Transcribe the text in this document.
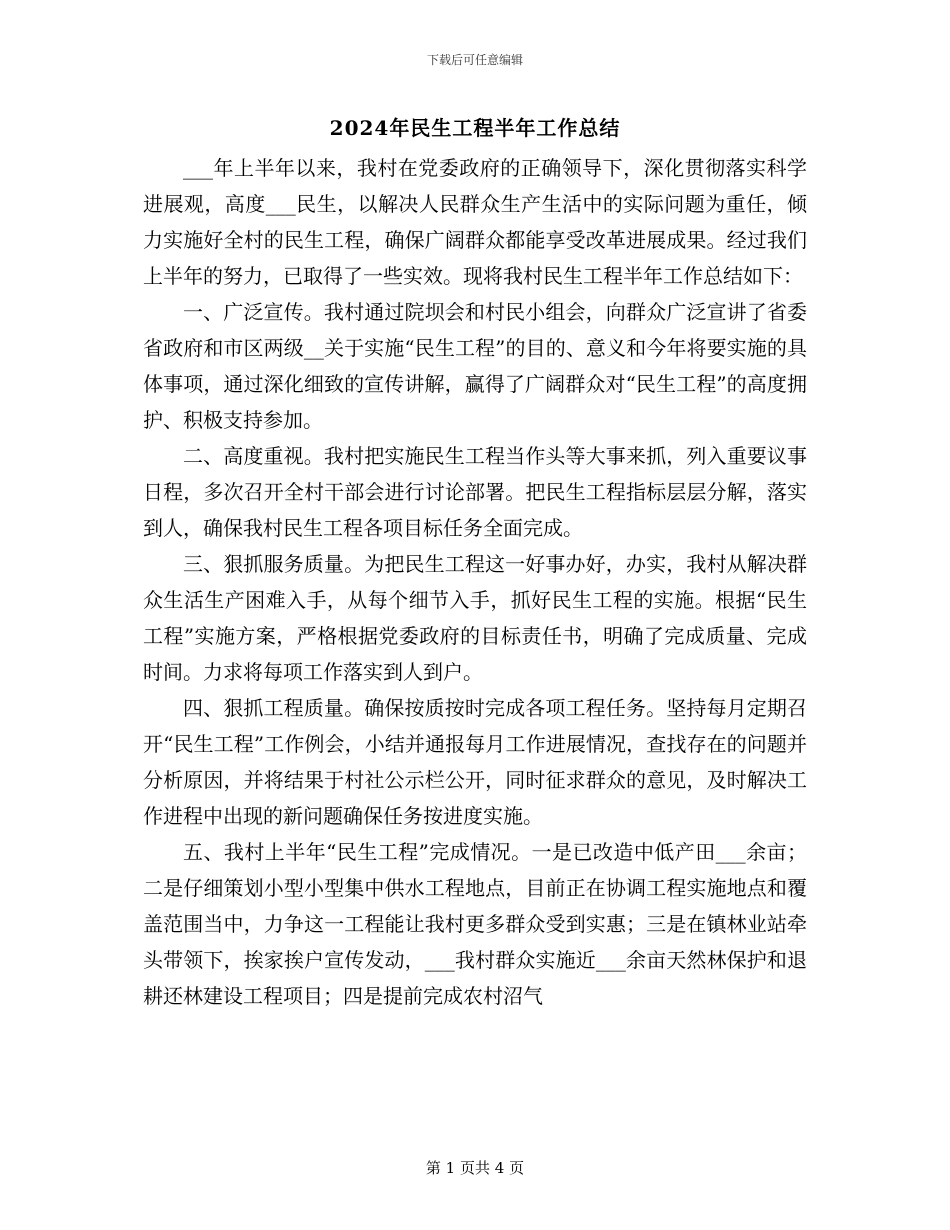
下载后可任意编辑
2024年民生工程半年工作总结

___年上半年以来，我村在党委政府的正确领导下，深化贯彻落实科学进展观，高度___民生，以解决人民群众生产生活中的实际问题为重任，倾力实施好全村的民生工程，确保广阔群众都能享受改革进展成果。经过我们上半年的努力，已取得了一些实效。现将我村民生工程半年工作总结如下：

一、广泛宣传。我村通过院坝会和村民小组会，向群众广泛宣讲了省委省政府和市区两级__关于实施“民生工程”的目的、意义和今年将要实施的具体事项，通过深化细致的宣传讲解，赢得了广阔群众对“民生工程”的高度拥护、积极支持参加。

二、高度重视。我村把实施民生工程当作头等大事来抓，列入重要议事日程，多次召开全村干部会进行讨论部署。把民生工程指标层层分解，落实到人，确保我村民生工程各项目标任务全面完成。

三、狠抓服务质量。为把民生工程这一好事办好，办实，我村从解决群众生活生产困难入手，从每个细节入手，抓好民生工程的实施。根据“民生工程”实施方案，严格根据党委政府的目标责任书，明确了完成质量、完成时间。力求将每项工作落实到人到户。

四、狠抓工程质量。确保按质按时完成各项工程任务。坚持每月定期召开“民生工程”工作例会，小结并通报每月工作进展情况，查找存在的问题并分析原因，并将结果于村社公示栏公开，同时征求群众的意见，及时解决工作进程中出现的新问题确保任务按进度实施。

五、我村上半年“民生工程”完成情况。一是已改造中低产田___余亩；二是仔细策划小型小型集中供水工程地点，目前正在协调工程实施地点和覆盖范围当中，力争这一工程能让我村更多群众受到实惠；三是在镇林业站牵头带领下，挨家挨户宣传发动，___我村群众实施近___余亩天然林保护和退耕还林建设工程项目；四是提前完成农村沼气

第 1 页共 4 页
